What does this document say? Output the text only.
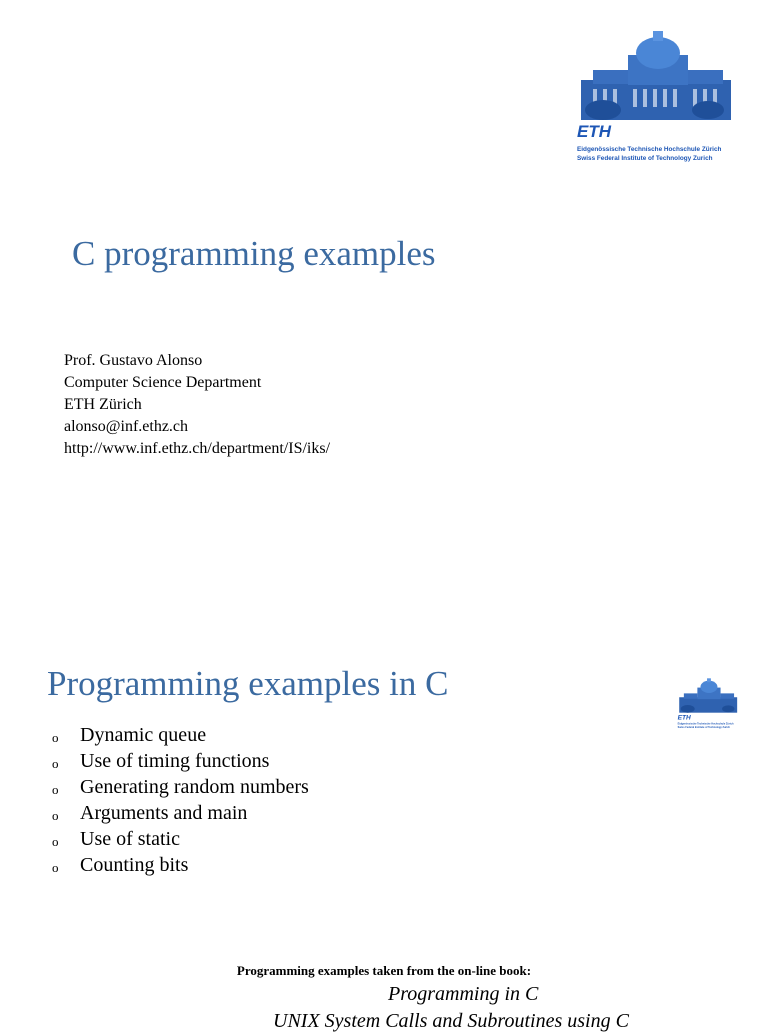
ETH
Eidgenössische Technische Hochschule Zürich
Swiss Federal Institute of Technology Zurich
C programming examples
Prof. Gustavo Alonso
Computer Science Department
ETH Zürich
alonso@inf.ethz.ch
http://www.inf.ethz.ch/department/IS/iks/
ETH
Eidgenössische Technische Hochschule Zürich
Swiss Federal Institute of Technology Zurich
Programming examples in C
o Dynamic queue
o Use of timing functions
o Generating random numbers
o Arguments and main
o Use of static
o Counting bits
Programming examples taken from the on-line book:
Programming in C
UNIX System Calls and Subroutines using C
